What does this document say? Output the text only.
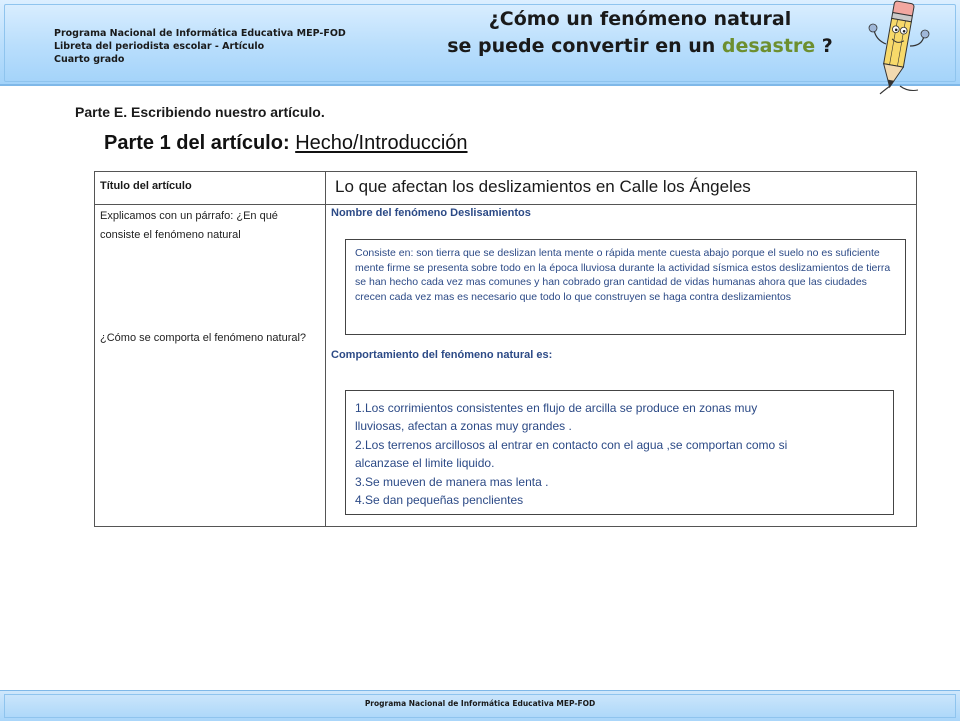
Programa Nacional de Informática Educativa MEP-FOD
Libreta del periodista escolar - Artículo
Cuarto grado
¿Cómo un fenómeno natural
se puede convertir en un desastre ?
Parte E. Escribiendo nuestro artículo.
Parte 1 del artículo: Hecho/Introducción
Título del artículo	Lo que afectan los deslizamientos en Calle los Ángeles
Explicamos con un párrafo: ¿En qué consiste el fenómeno natural
¿Cómo se comporta el fenómeno natural?
Nombre del fenómeno Deslisamientos
Consiste en: son tierra que se deslizan lenta mente o rápida mente cuesta abajo porque el suelo no es suficiente mente firme se presenta sobre todo en la época lluviosa durante la actividad sísmica estos deslizamientos de tierra se han hecho cada vez mas comunes y han cobrado gran cantidad de vidas humanas ahora que las ciudades crecen cada vez mas es necesario que todo lo que construyen se haga contra deslizamientos
Comportamiento del fenómeno natural es:
1.Los corrimientos consistentes en flujo de arcilla se produce en zonas muy
lluviosas, afectan a zonas muy grandes .
2.Los terrenos arcillosos al entrar en contacto con el agua ,se comportan como si
alcanzase el limite liquido.
3.Se mueven de manera mas lenta .
4.Se dan pequeñas penclientes
Programa Nacional de Informática Educativa MEP-FOD
